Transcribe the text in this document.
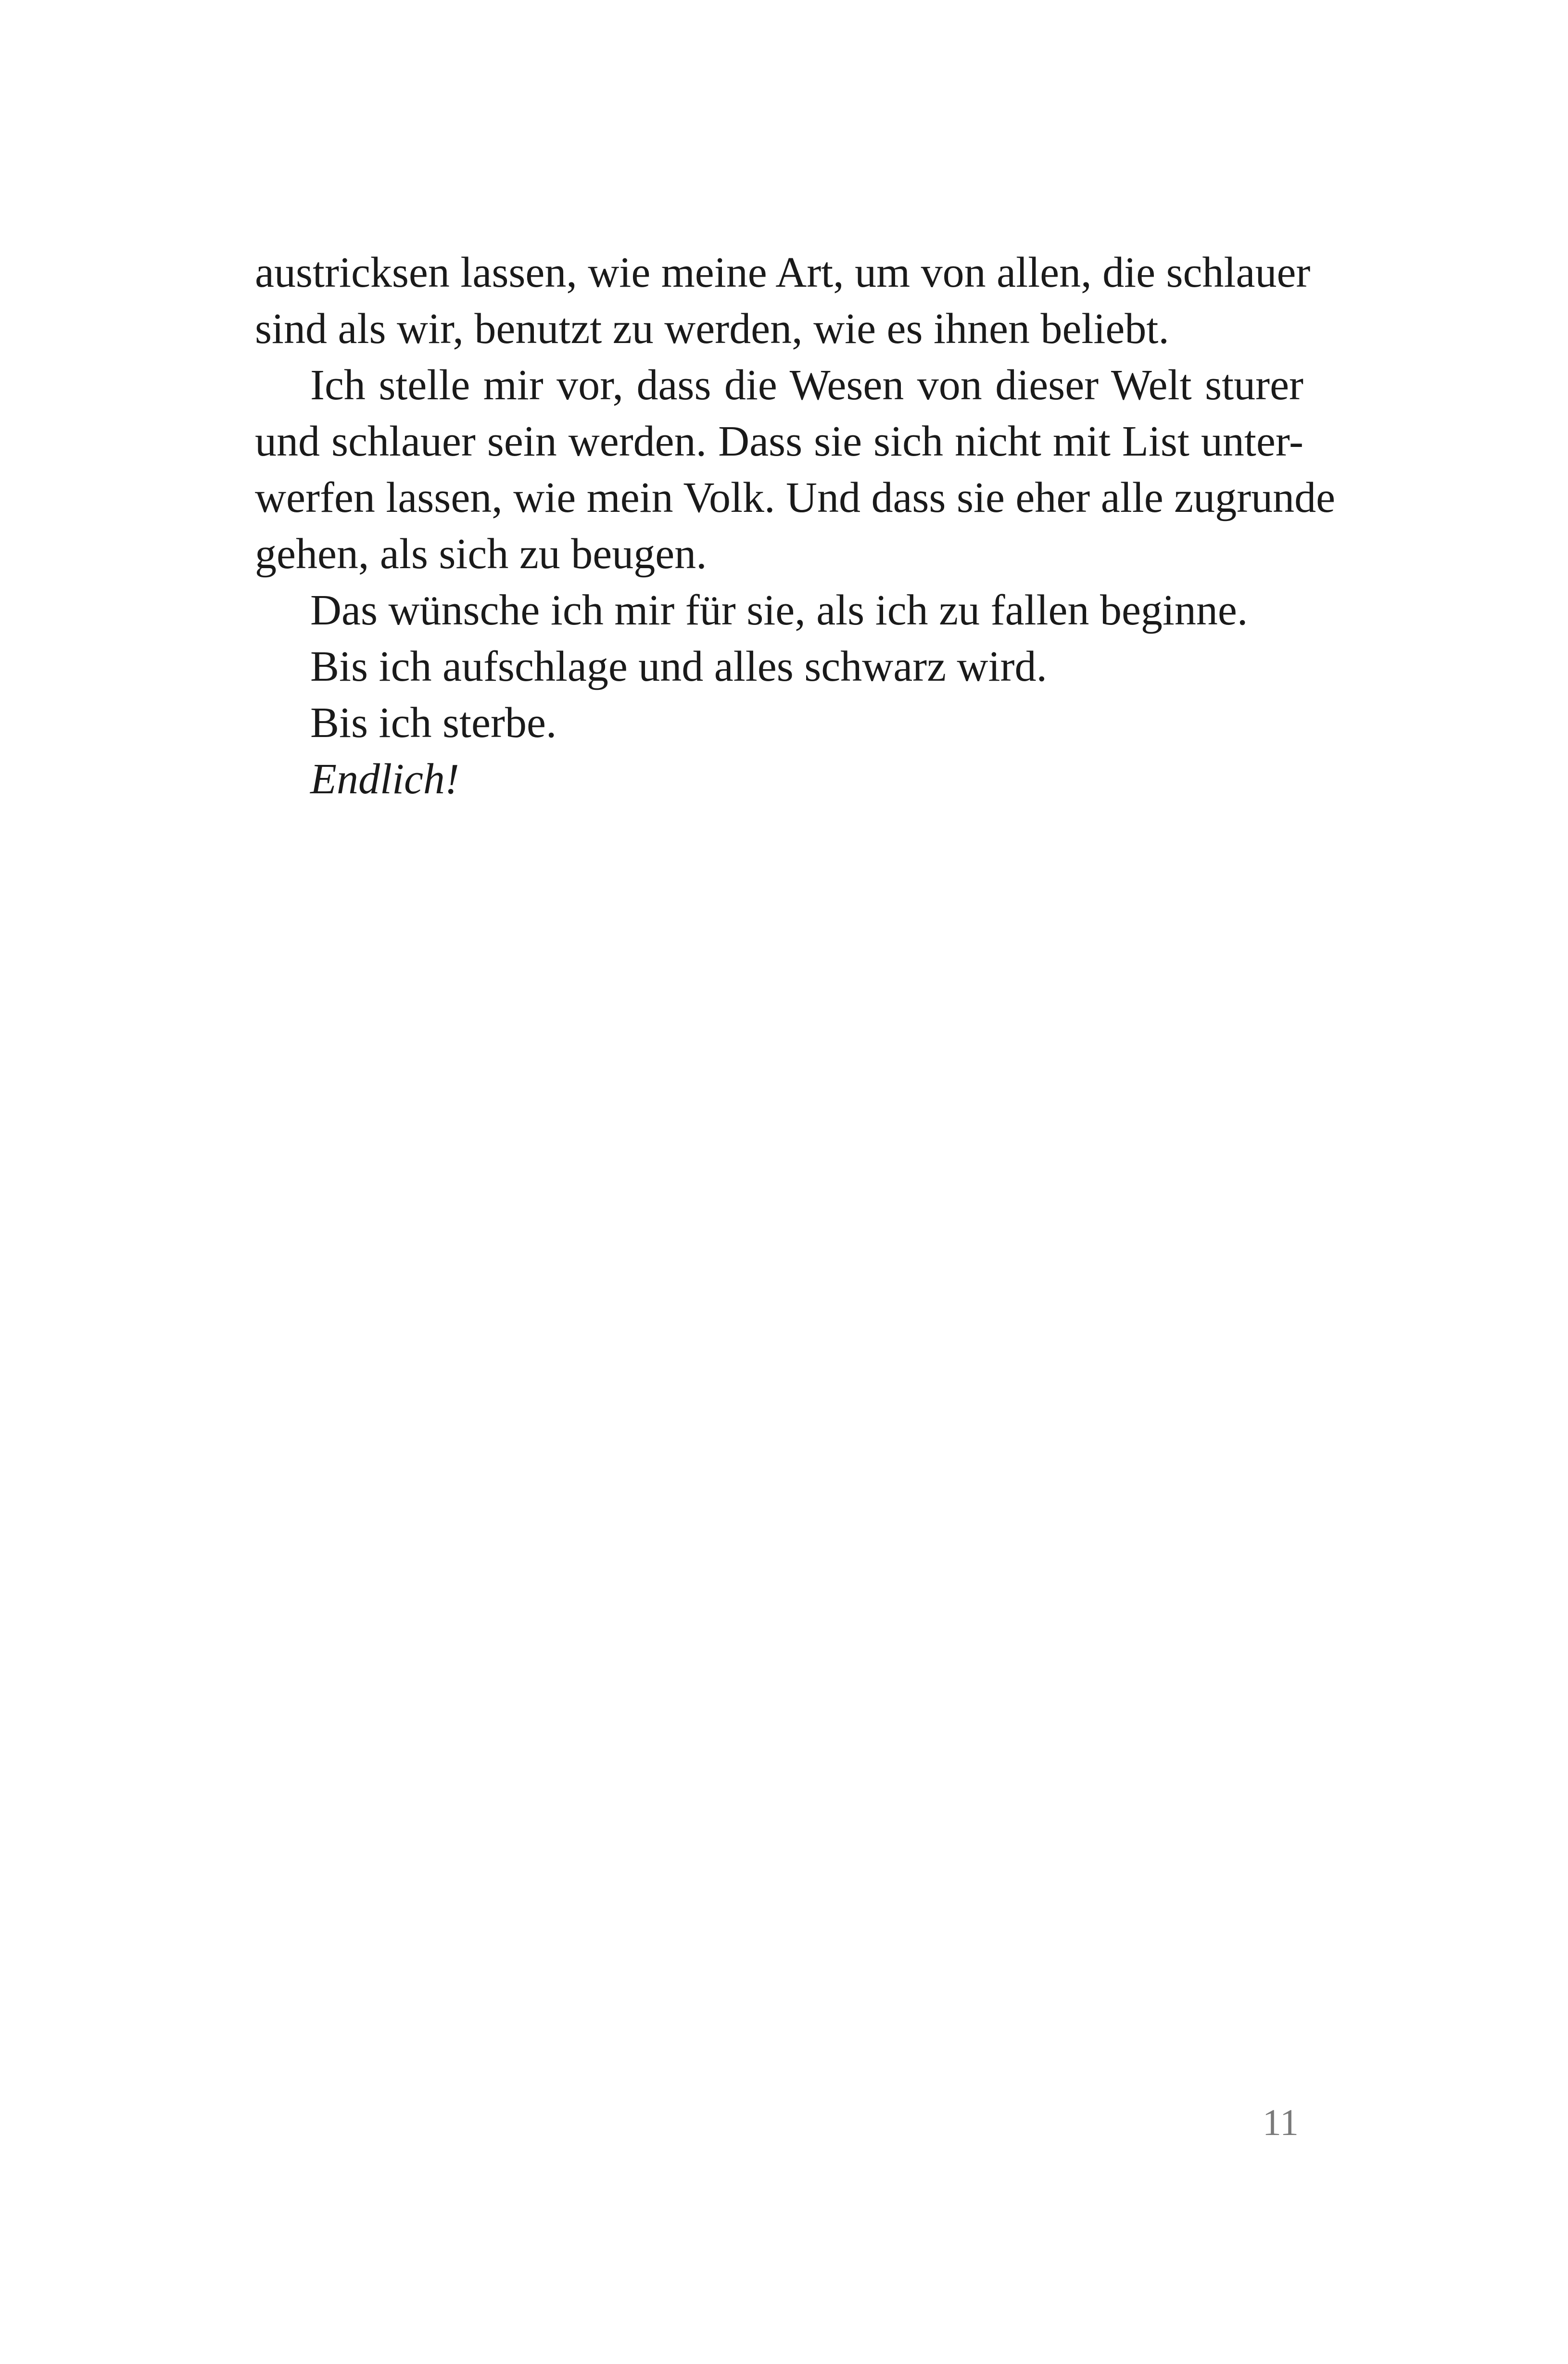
austricksen lassen, wie meine Art, um von allen, die schlauer
sind als wir, benutzt zu werden, wie es ihnen beliebt.
Ich stelle mir vor, dass die Wesen von dieser Welt sturer
und schlauer sein werden. Dass sie sich nicht mit List unter-
werfen lassen, wie mein Volk. Und dass sie eher alle zugrunde
gehen, als sich zu beugen.
Das wünsche ich mir für sie, als ich zu fallen beginne.
Bis ich aufschlage und alles schwarz wird.
Bis ich sterbe.
Endlich!
11
